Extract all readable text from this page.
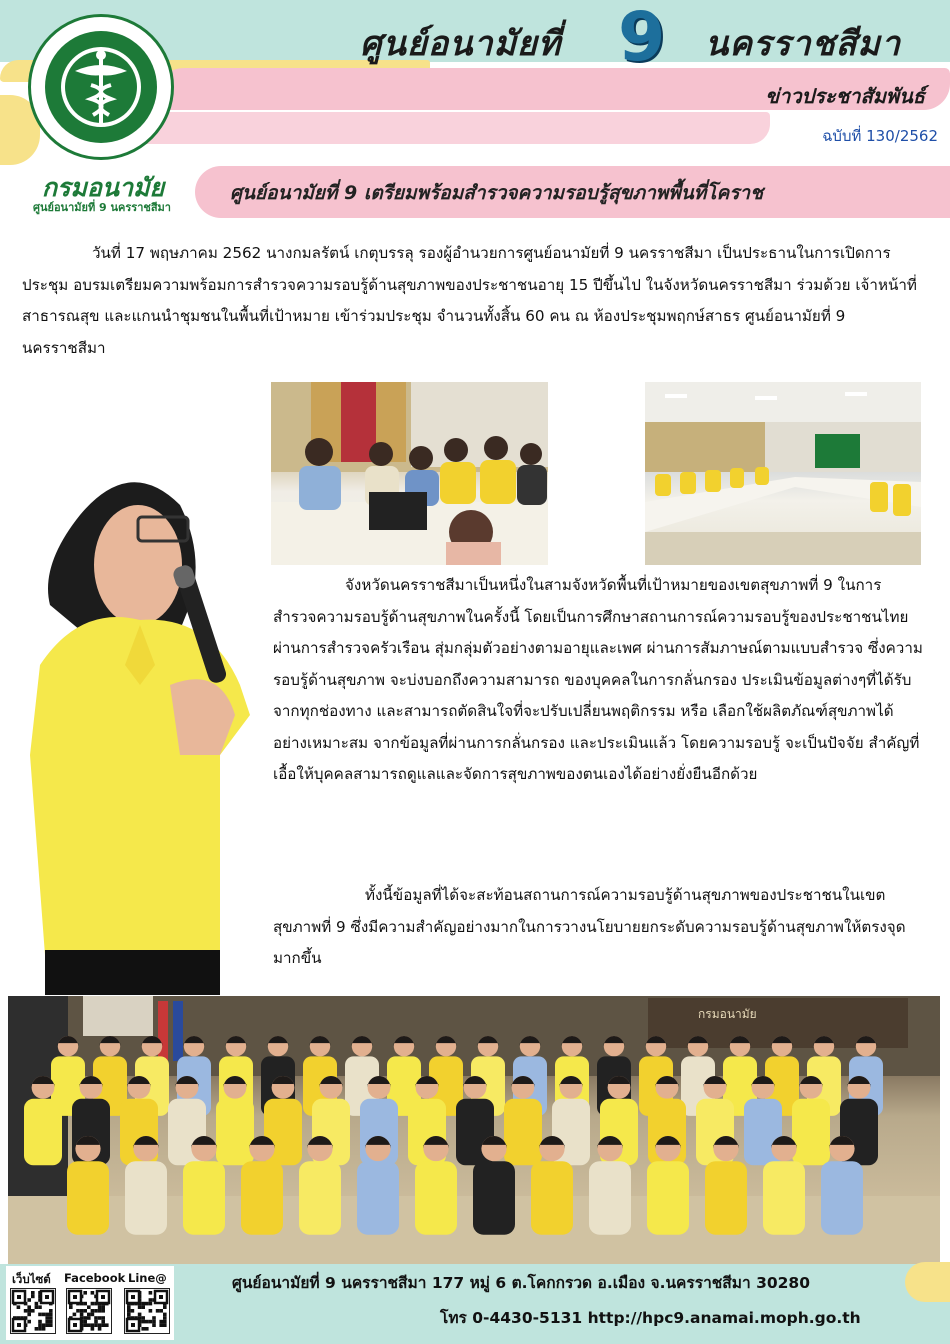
ศูนย์อนามัยที่ 9 นครราชสีมา
ข่าวประชาสัมพันธ์
ฉบับที่ 130/2562
กรมอนามัย
ศูนย์อนามัยที่ 9 นครราชสีมา
ศูนย์อนามัยที่ 9 เตรียมพร้อมสำรวจความรอบรู้สุขภาพพื้นที่โคราช
วันที่ 17 พฤษภาคม 2562 นางกมลรัตน์ เกตุบรรลุ รองผู้อำนวยการศูนย์อนามัยที่ 9 นครราชสีมา เป็นประธานในการเปิดการประชุม อบรมเตรียมความพร้อมการสำรวจความรอบรู้ด้านสุขภาพของประชาชนอายุ 15 ปีขึ้นไป ในจังหวัดนครราชสีมา ร่วมด้วย เจ้าหน้าที่สาธารณสุข และแกนนำชุมชนในพื้นที่เป้าหมาย เข้าร่วมประชุม จำนวนทั้งสิ้น 60 คน ณ ห้องประชุมพฤกษ์สาธร ศูนย์อนามัยที่ 9 นครราชสีมา
จังหวัดนครราชสีมาเป็นหนึ่งในสามจังหวัดพื้นที่เป้าหมายของเขตสุขภาพที่ 9 ในการสำรวจความรอบรู้ด้านสุขภาพในครั้งนี้ โดยเป็นการศึกษาสถานการณ์ความรอบรู้ของประชาชนไทย ผ่านการสำรวจครัวเรือน สุ่มกลุ่มตัวอย่างตามอายุและเพศ ผ่านการสัมภาษณ์ตามแบบสำรวจ ซึ่งความรอบรู้ด้านสุขภาพ จะบ่งบอกถึงความสามารถ ของบุคคลในการกลั่นกรอง ประเมินข้อมูลต่างๆที่ได้รับจากทุกช่องทาง และสามารถตัดสินใจที่จะปรับเปลี่ยนพฤติกรรม หรือ เลือกใช้ผลิตภัณฑ์สุขภาพได้อย่างเหมาะสม จากข้อมูลที่ผ่านการกลั่นกรอง และประเมินแล้ว โดยความรอบรู้ จะเป็นปัจจัย สำคัญที่เอื้อให้บุคคลสามารถดูแลและจัดการสุขภาพของตนเองได้อย่างยั่งยืนอีกด้วย
ทั้งนี้ข้อมูลที่ได้จะสะท้อนสถานการณ์ความรอบรู้ด้านสุขภาพของประชาชนในเขตสุขภาพที่ 9 ซึ่งมีความสำคัญอย่างมากในการวางนโยบายยกระดับความรอบรู้ด้านสุขภาพให้ตรงจุดมากขึ้น
กรมอนามัย
เว็บไซต์ Facebook Line@	ศูนย์อนามัยที่ 9 นครราชสีมา 177 หมู่ 6 ต.โคกกรวด อ.เมือง จ.นครราชสีมา 30280
โทร 0-4430-5131 http://hpc9.anamai.moph.go.th
